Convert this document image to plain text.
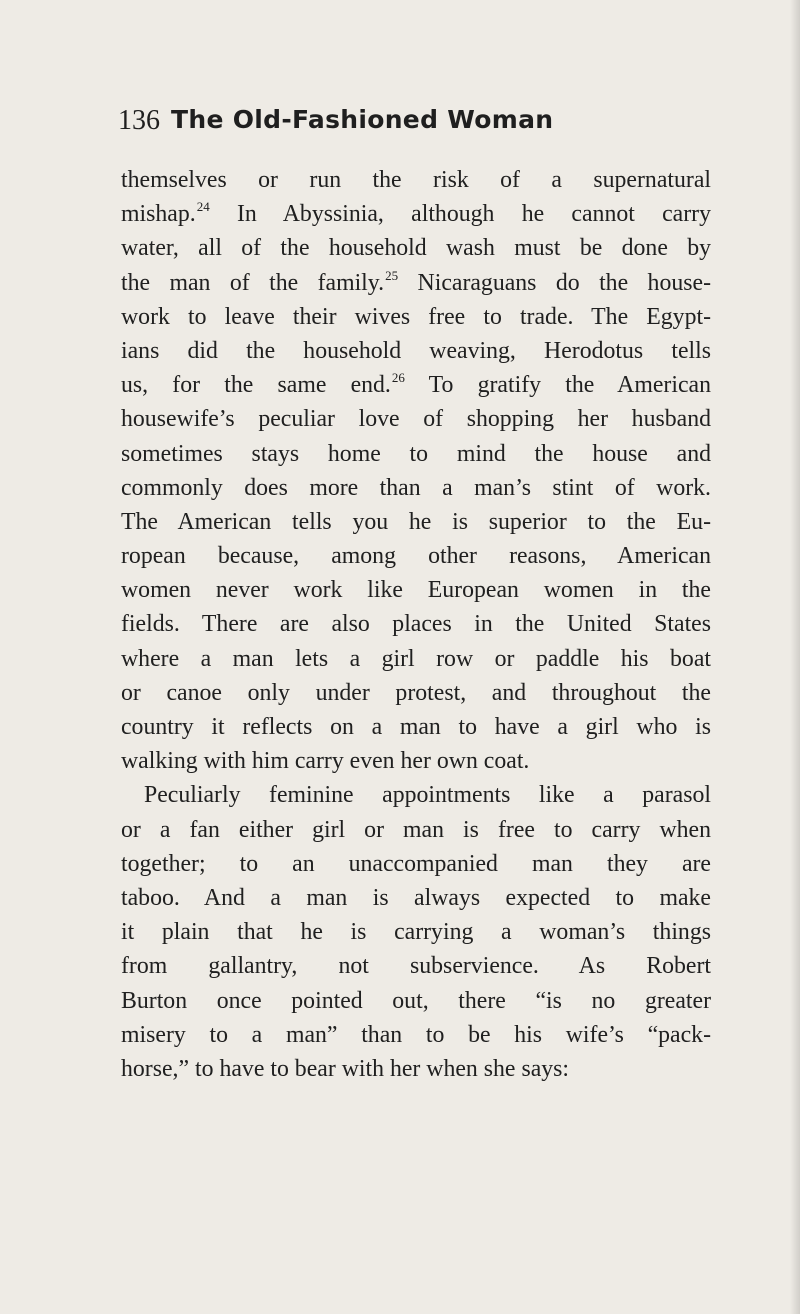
136 The Old-Fashioned Woman
themselves or run the risk of a supernatural
mishap.$^{24}$ In Abyssinia, although he cannot carry
water, all of the household wash must be done by
the man of the family.$^{25}$ Nicaraguans do the house-
work to leave their wives free to trade. The Egypt-
ians did the household weaving, Herodotus tells
us, for the same end.$^{26}$ To gratify the American
housewife’s peculiar love of shopping her husband
sometimes stays home to mind the house and
commonly does more than a man’s stint of work.
The American tells you he is superior to the Eu-
ropean because, among other reasons, American
women never work like European women in the
fields. There are also places in the United States
where a man lets a girl row or paddle his boat
or canoe only under protest, and throughout the
country it reflects on a man to have a girl who is
walking with him carry even her own coat.
Peculiarly feminine appointments like a parasol
or a fan either girl or man is free to carry when
together; to an unaccompanied man they are
taboo. And a man is always expected to make
it plain that he is carrying a woman’s things
from gallantry, not subservience. As Robert
Burton once pointed out, there “is no greater
misery to a man” than to be his wife’s “pack-
horse,” to have to bear with her when she says:
